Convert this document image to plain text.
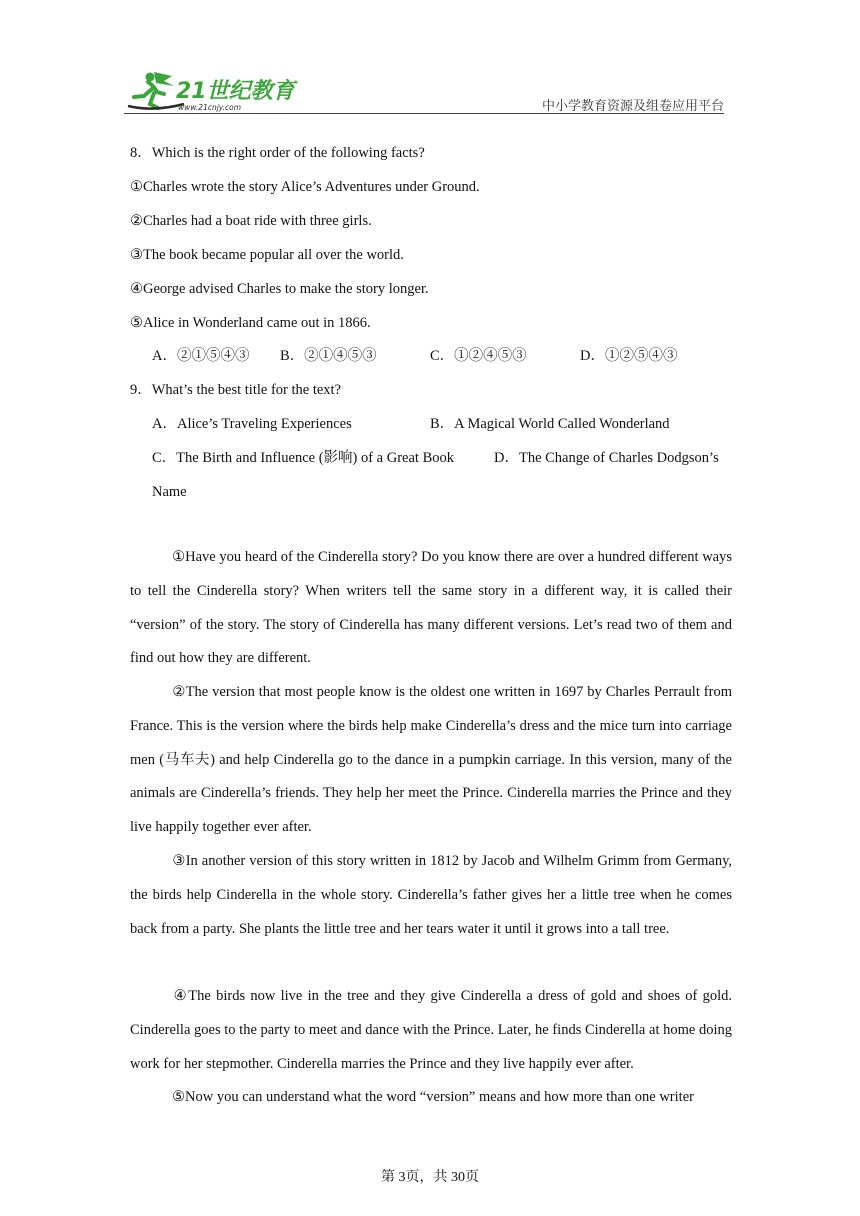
21世纪教育
www.21cnjy.com	中小学教育资源及组卷应用平台
8．Which is the right order of the following facts?
①Charles wrote the story Alice’s Adventures under Ground.
②Charles had a boat ride with three girls.
③The book became popular all over the world.
④George advised Charles to make the story longer.
⑤Alice in Wonderland came out in 1866.
A．②①⑤④③ B．②①④⑤③	C．①②④⑤③	D．①②⑤④③
9．What’s the best title for the text?
A．Alice’s Traveling Experiences	B．A Magical World Called Wonderland
C．The Birth and Influence (影响) of a Great Book	D．The Change of Charles Dodgson’s
Name
①Have you heard of the Cinderella story? Do you know there are over a hundred different ways to tell the Cinderella story? When writers tell the same story in a different way, it is called their “version” of the story. The story of Cinderella has many different versions. Let’s read two of them and find out how they are different.
②The version that most people know is the oldest one written in 1697 by Charles Perrault from France. This is the version where the birds help make Cinderella’s dress and the mice turn into carriage men (马车夫) and help Cinderella go to the dance in a pumpkin carriage. In this version, many of the animals are Cinderella’s friends. They help her meet the Prince. Cinderella marries the Prince and they live happily together ever after.
③In another version of this story written in 1812 by Jacob and Wilhelm Grimm from Germany, the birds help Cinderella in the whole story. Cinderella’s father gives her a little tree when he comes back from a party. She plants the little tree and her tears water it until it grows into a tall tree.
④The birds now live in the tree and they give Cinderella a dress of gold and shoes of gold. Cinderella goes to the party to meet and dance with the Prince. Later, he finds Cinderella at home doing work for her stepmother. Cinderella marries the Prince and they live happily ever after.
⑤Now you can understand what the word “version” means and how more than one writer
第 3页，共 30页
